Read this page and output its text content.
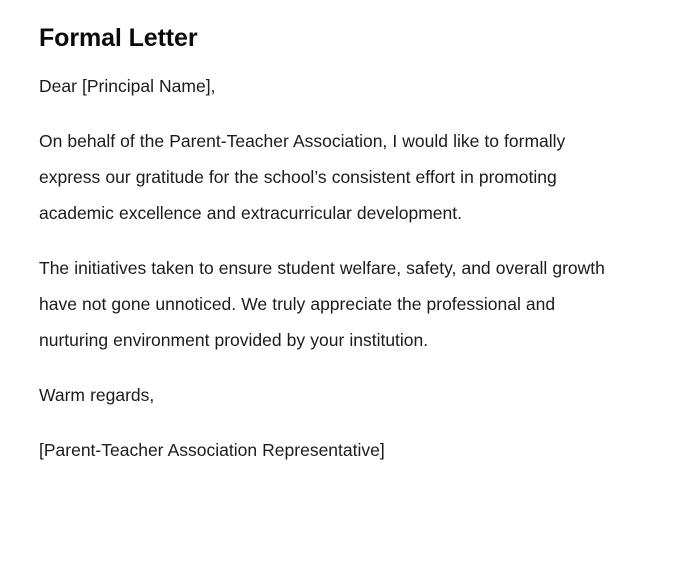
Formal Letter

Dear [Principal Name],

On behalf of the Parent-Teacher Association, I would like to formally express our gratitude for the school’s consistent effort in promoting academic excellence and extracurricular development.

The initiatives taken to ensure student welfare, safety, and overall growth have not gone unnoticed. We truly appreciate the professional and nurturing environment provided by your institution.

Warm regards,

[Parent-Teacher Association Representative]
